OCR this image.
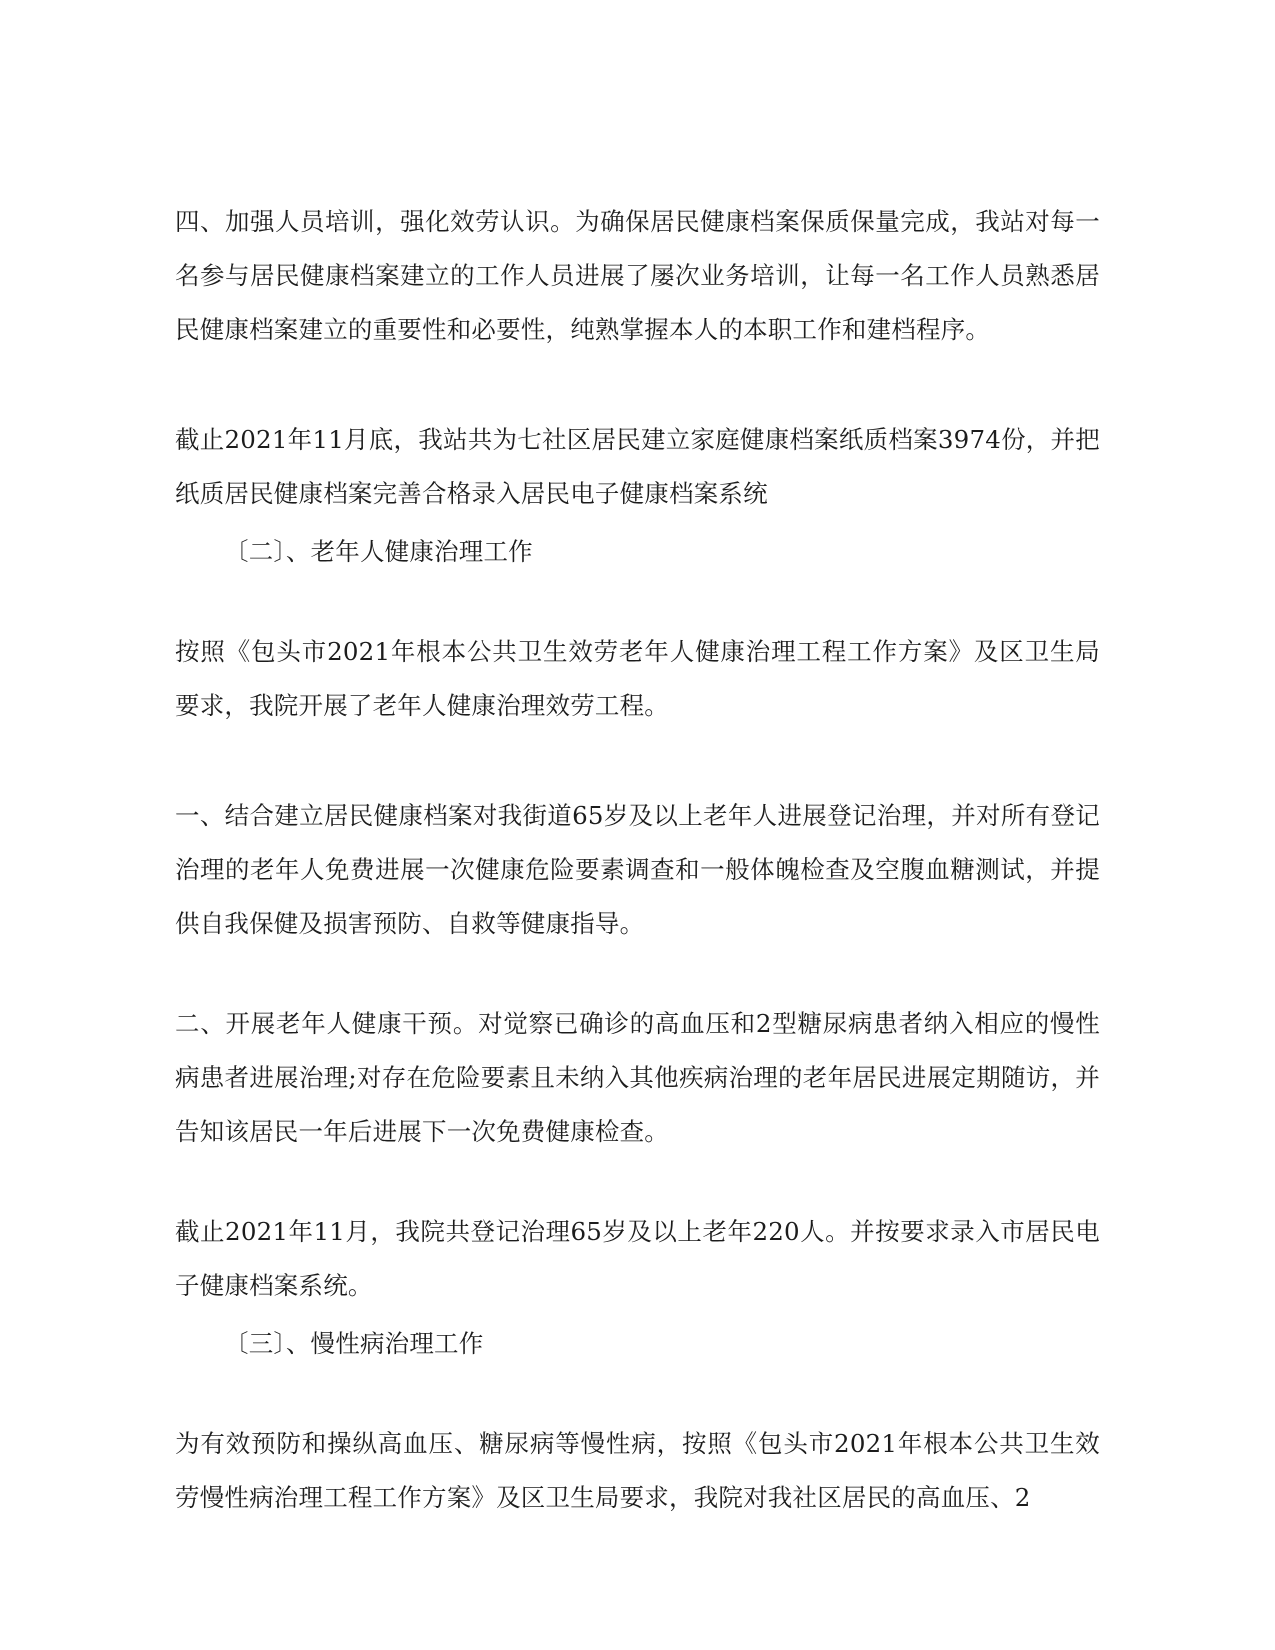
四、加强人员培训，强化效劳认识。为确保居民健康档案保质保量完成，我站对每一名参与居民健康档案建立的工作人员进展了屡次业务培训，让每一名工作人员熟悉居民健康档案建立的重要性和必要性，纯熟掌握本人的本职工作和建档程序。

截止2021年11月底，我站共为七社区居民建立家庭健康档案纸质档案3974份，并把纸质居民健康档案完善合格录入居民电子健康档案系统

〔二〕、老年人健康治理工作

按照《包头市2021年根本公共卫生效劳老年人健康治理工程工作方案》及区卫生局要求，我院开展了老年人健康治理效劳工程。

一、结合建立居民健康档案对我街道65岁及以上老年人进展登记治理，并对所有登记治理的老年人免费进展一次健康危险要素调查和一般体魄检查及空腹血糖测试，并提供自我保健及损害预防、自救等健康指导。

二、开展老年人健康干预。对觉察已确诊的高血压和2型糖尿病患者纳入相应的慢性病患者进展治理;对存在危险要素且未纳入其他疾病治理的老年居民进展定期随访，并告知该居民一年后进展下一次免费健康检查。

截止2021年11月，我院共登记治理65岁及以上老年220人。并按要求录入市居民电子健康档案系统。

〔三〕、慢性病治理工作

为有效预防和操纵高血压、糖尿病等慢性病，按照《包头市2021年根本公共卫生效劳慢性病治理工程工作方案》及区卫生局要求，我院对我社区居民的高血压、2
